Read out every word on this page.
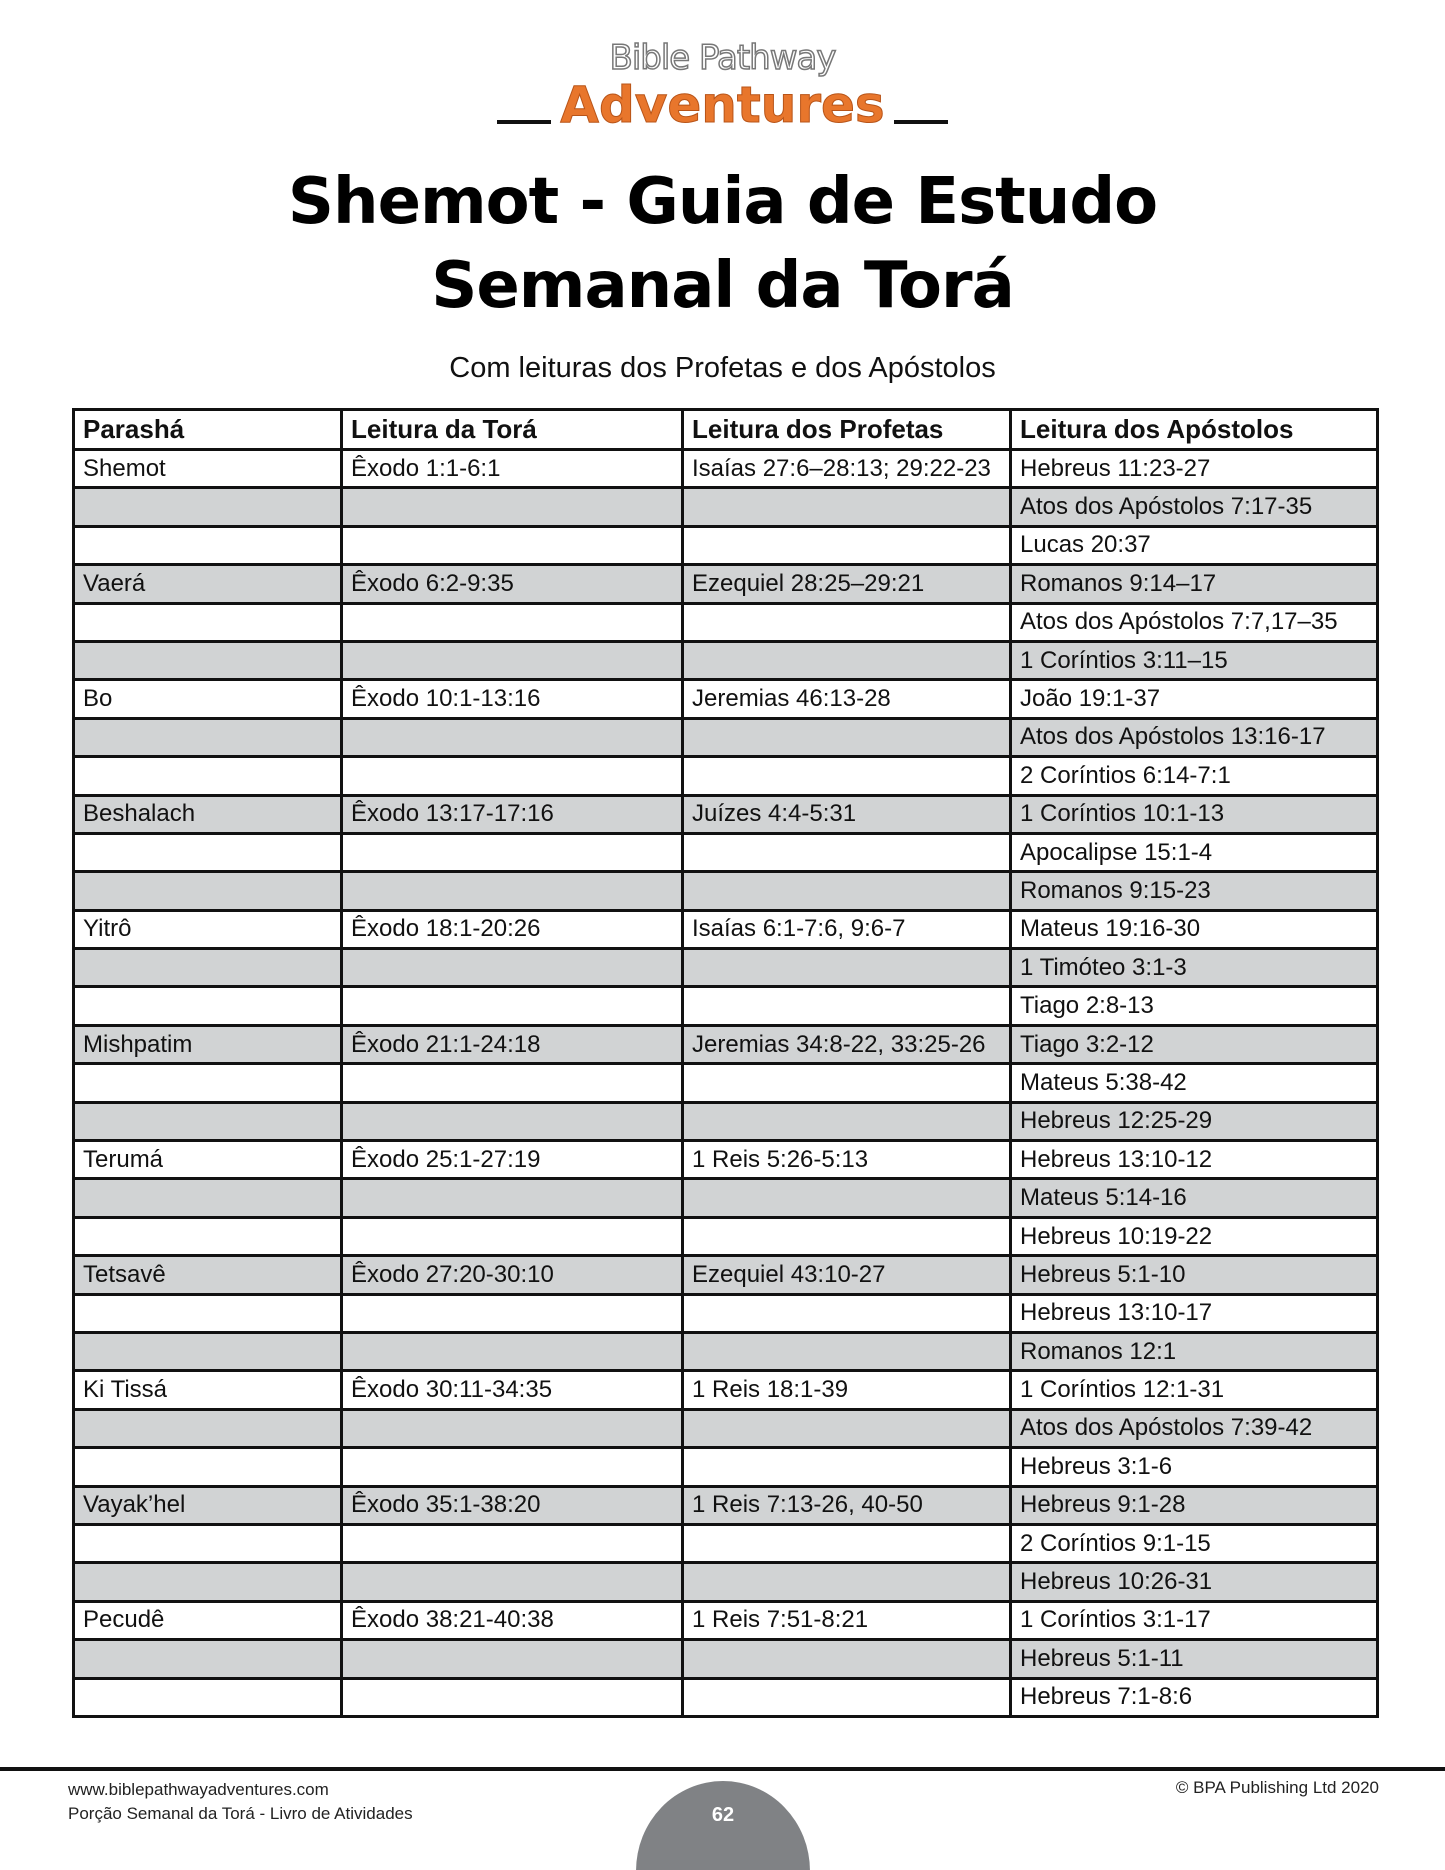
Bible Pathway
Adventures
Shemot - Guia de Estudo
Semanal da Torá
Com leituras dos Profetas e dos Apóstolos
Parashá	Leitura da Torá	Leitura dos Profetas	Leitura dos Apóstolos
Shemot	Êxodo 1:1-6:1	Isaías 27:6–28:13; 29:22-23	Hebreus 11:23-27
			Atos dos Apóstolos 7:17-35
			Lucas 20:37
Vaerá	Êxodo 6:2-9:35	Ezequiel 28:25–29:21	Romanos 9:14–17
			Atos dos Apóstolos 7:7,17–35
			1 Coríntios 3:11–15
Bo	Êxodo 10:1-13:16	Jeremias 46:13-28	João 19:1-37
			Atos dos Apóstolos 13:16-17
			2 Coríntios 6:14-7:1
Beshalach	Êxodo 13:17-17:16	Juízes 4:4-5:31	1 Coríntios 10:1-13
			Apocalipse 15:1-4
			Romanos 9:15-23
Yitrô	Êxodo 18:1-20:26	Isaías 6:1-7:6, 9:6-7	Mateus 19:16-30
			1 Timóteo 3:1-3
			Tiago 2:8-13
Mishpatim	Êxodo 21:1-24:18	Jeremias 34:8-22, 33:25-26	Tiago 3:2-12
			Mateus 5:38-42
			Hebreus 12:25-29
Terumá	Êxodo 25:1-27:19	1 Reis 5:26-5:13	Hebreus 13:10-12
			Mateus 5:14-16
			Hebreus 10:19-22
Tetsavê	Êxodo 27:20-30:10	Ezequiel 43:10-27	Hebreus 5:1-10
			Hebreus 13:10-17
			Romanos 12:1
Ki Tissá	Êxodo 30:11-34:35	1 Reis 18:1-39	1 Coríntios 12:1-31
			Atos dos Apóstolos 7:39-42
			Hebreus 3:1-6
Vayak’hel	Êxodo 35:1-38:20	1 Reis 7:13-26, 40-50	Hebreus 9:1-28
			2 Coríntios 9:1-15
			Hebreus 10:26-31
Pecudê	Êxodo 38:21-40:38	1 Reis 7:51-8:21	1 Coríntios 3:1-17
			Hebreus 5:1-11
			Hebreus 7:1-8:6
www.biblepathwayadventures.com
Porção Semanal da Torá - Livro de Atividades	62
© BPA Publishing Ltd 2020
